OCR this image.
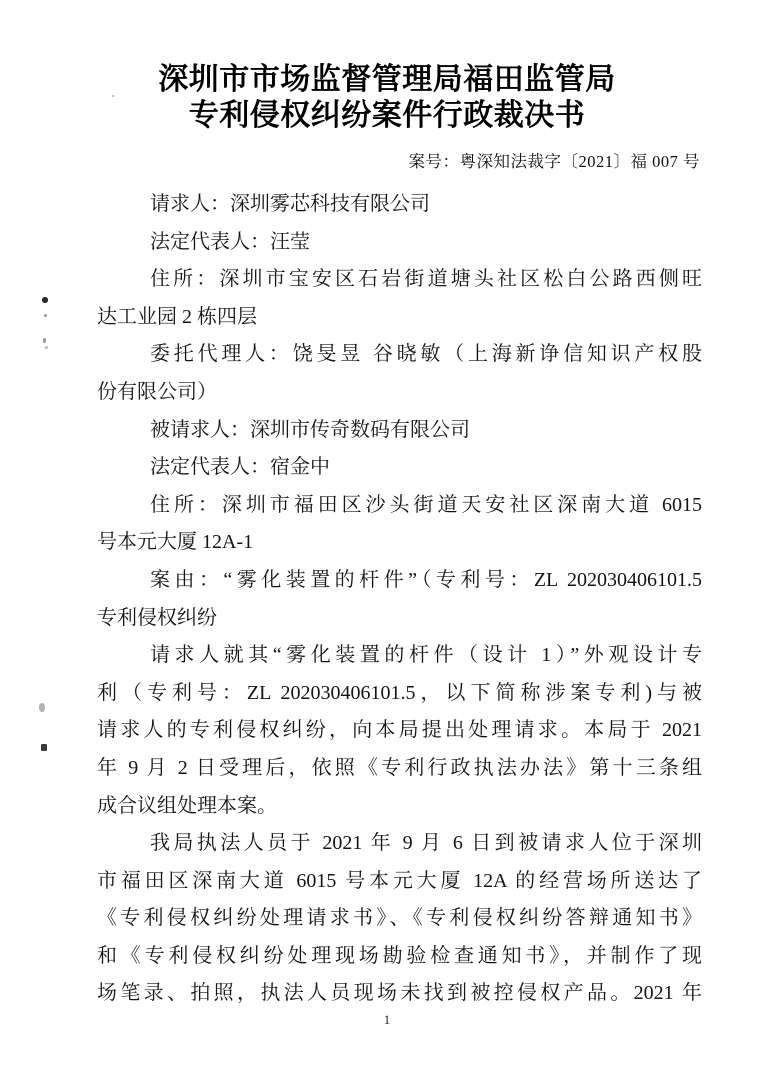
深圳市市场监督管理局福田监管局
专利侵权纠纷案件行政裁决书
案号：粤深知法裁字〔2021〕福 007 号
请求人：深圳雾芯科技有限公司
法定代表人：汪莹
住所：深圳市宝安区石岩街道塘头社区松白公路西侧旺
达工业园 2 栋四层
委托代理人：饶旻昱 谷晓敏（上海新诤信知识产权股
份有限公司）
被请求人：深圳市传奇数码有限公司
法定代表人：宿金中
住所：深圳市福田区沙头街道天安社区深南大道 6015
号本元大厦 12A-1
案由：“雾化装置的杆件”（专利号：ZL 202030406101.5
专利侵权纠纷
请求人就其“雾化装置的杆件（设计 1）”外观设计专
利（专利号：ZL 202030406101.5，以下简称涉案专利)与被
请求人的专利侵权纠纷，向本局提出处理请求。本局于 2021
年 9 月 2 日受理后，依照《专利行政执法办法》第十三条组
成合议组处理本案。
我局执法人员于 2021 年 9 月 6 日到被请求人位于深圳
市福田区深南大道 6015 号本元大厦 12A 的经营场所送达了
《专利侵权纠纷处理请求书》、《专利侵权纠纷答辩通知书》
和《专利侵权纠纷处理现场勘验检查通知书》，并制作了现
场笔录、拍照，执法人员现场未找到被控侵权产品。2021 年
1
